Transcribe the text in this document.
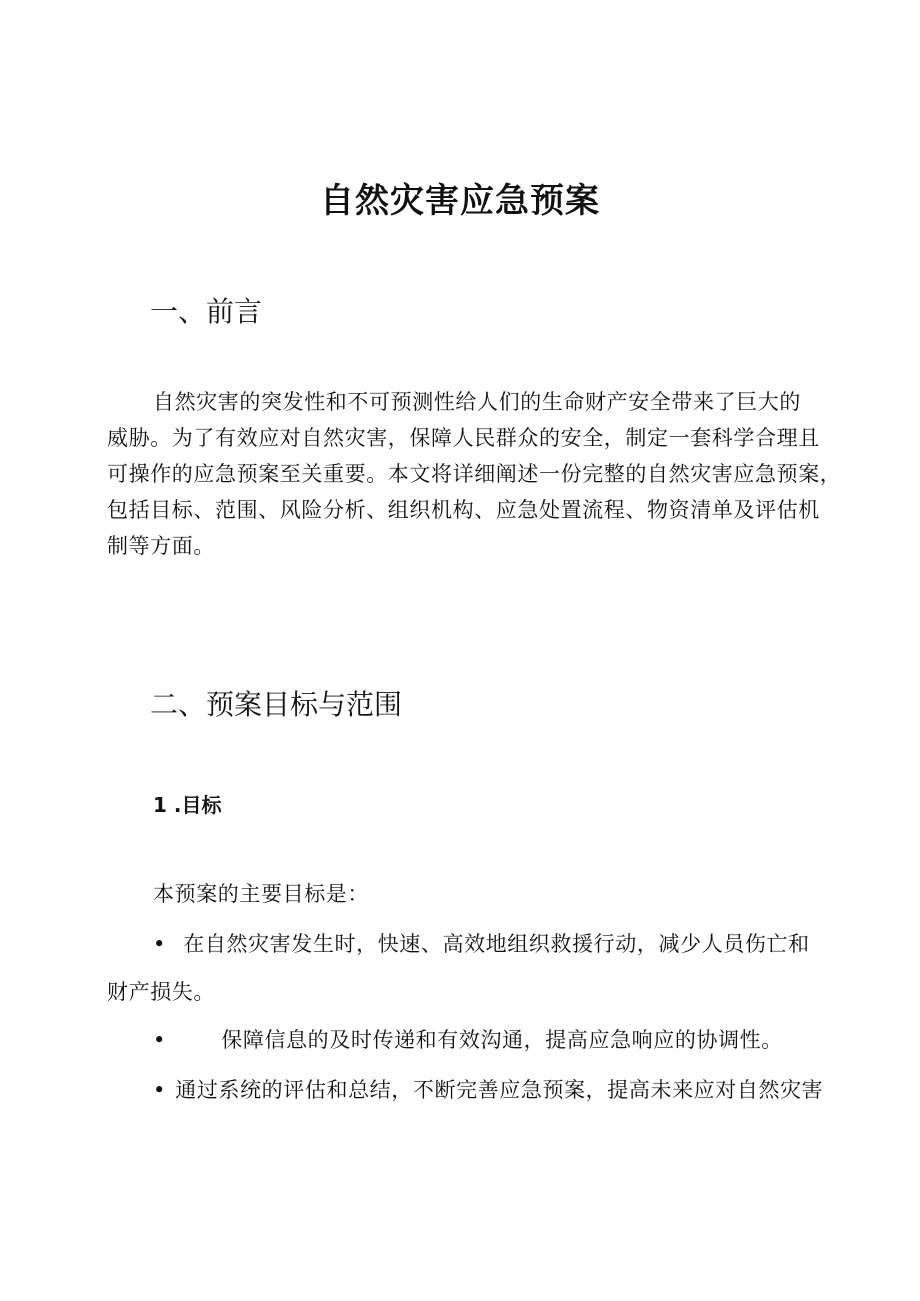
自然灾害应急预案
一、前言
自然灾害的突发性和不可预测性给人们的生命财产安全带来了巨大的
威胁。为了有效应对自然灾害，保障人民群众的安全，制定一套科学合理且
可操作的应急预案至关重要。本文将详细阐述一份完整的自然灾害应急预案，
包括目标、范围、风险分析、组织机构、应急处置流程、物资清单及评估机
制等方面。
二、预案目标与范围
1 .目标
本预案的主要目标是：
• 在自然灾害发生时，快速、高效地组织救援行动，减少人员伤亡和
财产损失。
•	保障信息的及时传递和有效沟通，提高应急响应的协调性。
• 通过系统的评估和总结，不断完善应急预案，提高未来应对自然灾害
